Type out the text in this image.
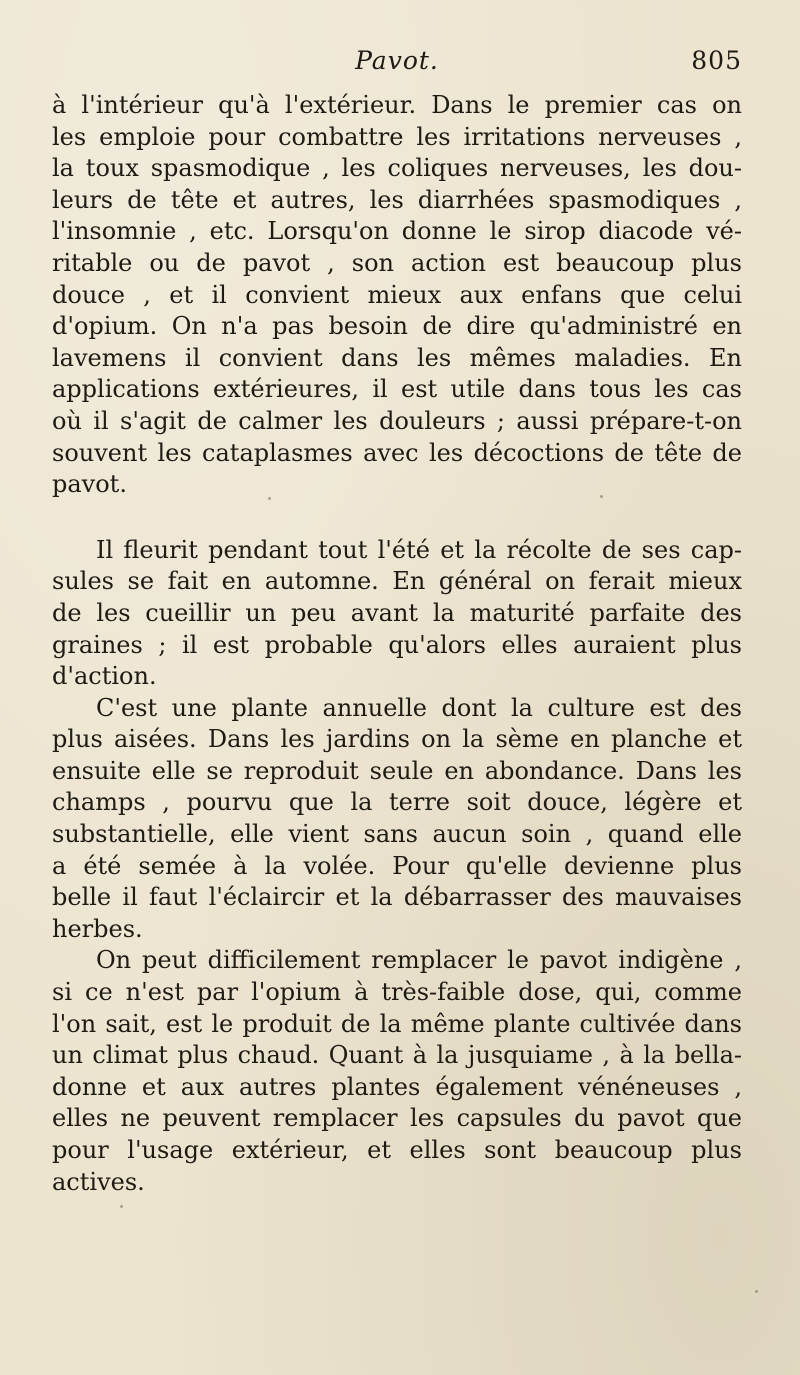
Pavot.	805

à l'intérieur qu'à l'extérieur. Dans le premier cas on
les emploie pour combattre les irritations nerveuses ,
la toux spasmodique , les coliques nerveuses, les dou-
leurs de tête et autres, les diarrhées spasmodiques ,
l'insomnie , etc. Lorsqu'on donne le sirop diacode vé-
ritable ou de pavot , son action est beaucoup plus
douce , et il convient mieux aux enfans que celui
d'opium. On n'a pas besoin de dire qu'administré en
lavemens il convient dans les mêmes maladies. En
applications extérieures, il est utile dans tous les cas
où il s'agit de calmer les douleurs ; aussi prépare-t-on
souvent les cataplasmes avec les décoctions de tête de
pavot.

Il fleurit pendant tout l'été et la récolte de ses cap-
sules se fait en automne. En général on ferait mieux
de les cueillir un peu avant la maturité parfaite des
graines ; il est probable qu'alors elles auraient plus
d'action.

C'est une plante annuelle dont la culture est des
plus aisées. Dans les jardins on la sème en planche et
ensuite elle se reproduit seule en abondance. Dans les
champs , pourvu que la terre soit douce, légère et
substantielle, elle vient sans aucun soin , quand elle
a été semée à la volée. Pour qu'elle devienne plus
belle il faut l'éclaircir et la débarrasser des mauvaises
herbes.

On peut difficilement remplacer le pavot indigène ,
si ce n'est par l'opium à très-faible dose, qui, comme
l'on sait, est le produit de la même plante cultivée dans
un climat plus chaud. Quant à la jusquiame , à la bella-
donne et aux autres plantes également vénéneuses ,
elles ne peuvent remplacer les capsules du pavot que
pour l'usage extérieur, et elles sont beaucoup plus
actives.
